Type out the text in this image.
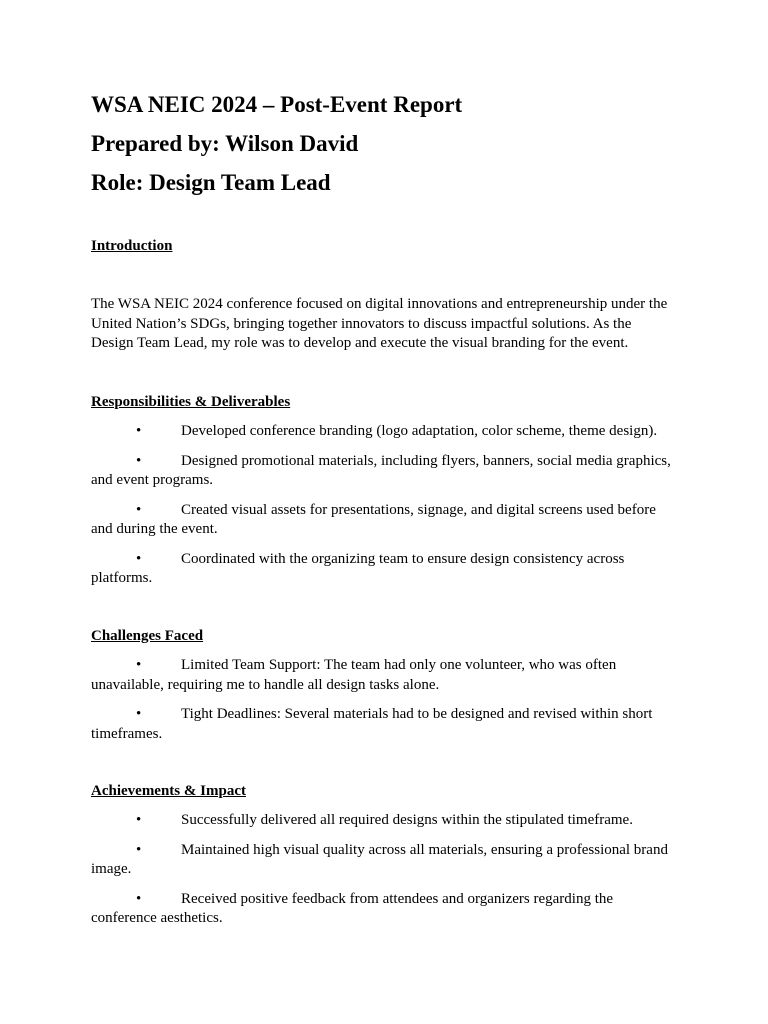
WSA NEIC 2024 – Post-Event Report
Prepared by: Wilson David
Role: Design Team Lead
Introduction

The WSA NEIC 2024 conference focused on digital innovations and entrepreneurship under the United Nation’s SDGs, bringing together innovators to discuss impactful solutions. As the Design Team Lead, my role was to develop and execute the visual branding for the event.

Responsibilities & Deliverables
•	Developed conference branding (logo adaptation, color scheme, theme design).
•	Designed promotional materials, including flyers, banners, social media graphics, and event programs.
•	Created visual assets for presentations, signage, and digital screens used before and during the event.
•	Coordinated with the organizing team to ensure design consistency across platforms.
Challenges Faced
•	Limited Team Support: The team had only one volunteer, who was often unavailable, requiring me to handle all design tasks alone.
•	Tight Deadlines: Several materials had to be designed and revised within short timeframes.
Achievements & Impact
•	Successfully delivered all required designs within the stipulated timeframe.
•	Maintained high visual quality across all materials, ensuring a professional brand image.
•	Received positive feedback from attendees and organizers regarding the conference aesthetics.
